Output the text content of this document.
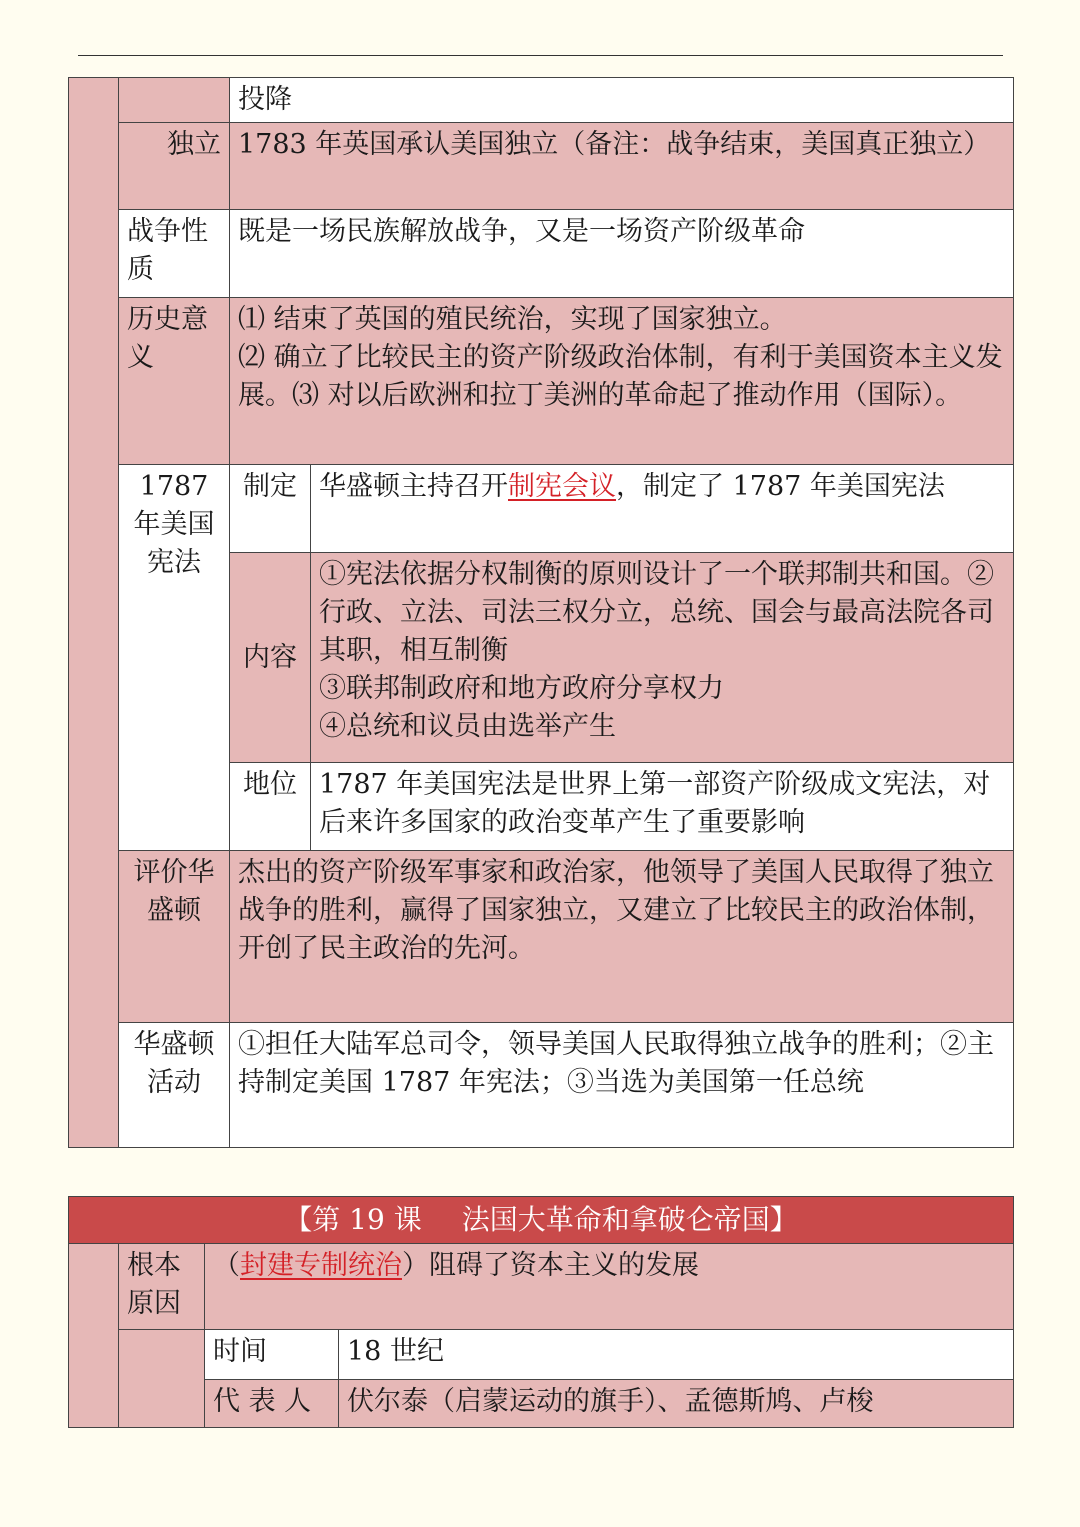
		投降	
	独立	1783 年英国承认美国独立（备注：战争结束，美国真正独立）	
	战争性质	既是一场民族解放战争，又是一场资产阶级革命	
	历史意义	⑴ 结束了英国的殖民统治，实现了国家独立。
⑵ 确立了比较民主的资产阶级政治体制，有利于美国资本主义发展。⑶ 对以后欧洲和拉丁美洲的革命起了推动作用（国际）。	

	1787 年美国宪法	制定	华盛顿主持召开制宪会议，制定了 1787 年美国宪法
		内容	①宪法依据分权制衡的原则设计了一个联邦制共和国。②行政、立法、司法三权分立，总统、国会与最高法院各司其职，相互制衡
③联邦制政府和地方政府分享权力
④总统和议员由选举产生

		地位	1787 年美国宪法是世界上第一部资产阶级成文宪法，对后来许多国家的政治变革产生了重要影响
	评价华盛顿	杰出的资产阶级军事家和政治家，他领导了美国人民取得了独立战争的胜利，赢得了国家独立，又建立了比较民主的政治体制，开创了民主政治的先河。	
	华盛顿活动	①担任大陆军总司令，领导美国人民取得独立战争的胜利；②主持制定美国 1787 年宪法；③当选为美国第一任总统	
【第 19 课 法国大革命和拿破仑帝国】			
	根本原因	（封建专制统治）阻碍了资本主义的发展	
		时间	18 世纪
		代 表 人	伏尔泰（启蒙运动的旗手）、孟德斯鸠、卢梭
